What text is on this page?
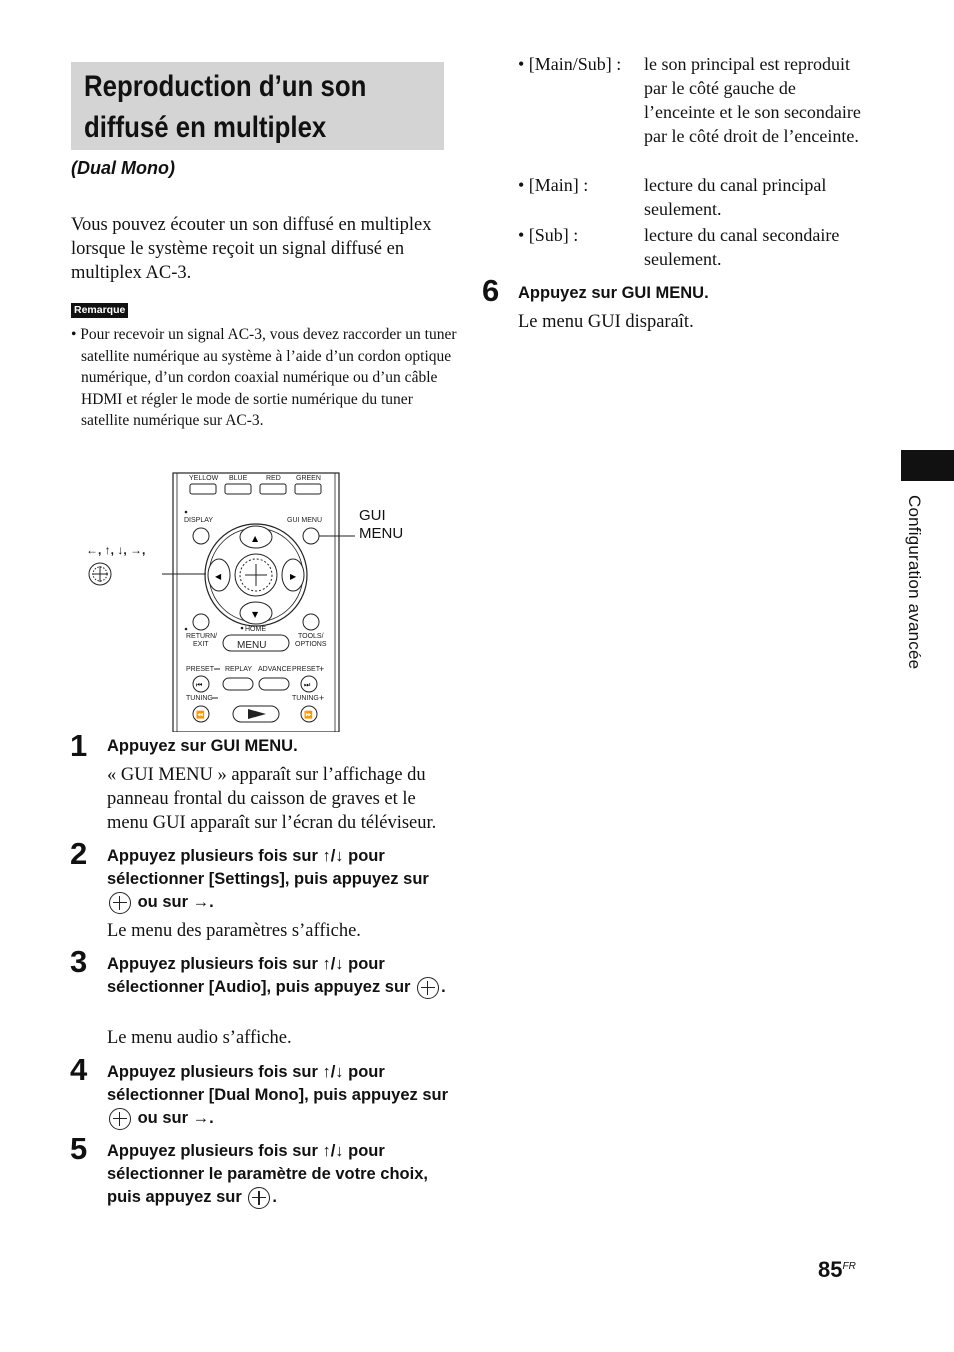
Reproduction d’un son diffusé en multiplex
(Dual Mono)
Vous pouvez écouter un son diffusé en multiplex lorsque le système reçoit un signal diffusé en multiplex AC-3.
Remarque
• Pour recevoir un signal AC-3, vous devez raccorder un tuner satellite numérique au système à l’aide d’un cordon optique numérique, d’un cordon coaxial numérique ou d’un câble HDMI et régler le mode de sortie numérique du tuner satellite numérique sur AC-3.
YELLOW BLUE	RED GREEN
DISPLAY	GUI MENU
▲
▼
◀	▶
RETURN/
EXIT
HOME
MENU
TOOLS/
OPTIONS
PRESET REPLAY ADVANCE PRESET
+
⏮	⏭
TUNING	TUNING +
⏪	⏩
←, ↑, ↓, →,
GUI
MENU
1 Appuyez sur GUI MENU.
« GUI MENU » apparaît sur l’affichage du panneau frontal du caisson de graves et le menu GUI apparaît sur l’écran du téléviseur.
2 Appuyez plusieurs fois sur ↑/↓ pour sélectionner [Settings], puis appuyez sur  ou sur →.
Le menu des paramètres s’affiche.
3 Appuyez plusieurs fois sur ↑/↓ pour sélectionner [Audio], puis appuyez sur .
Le menu audio s’affiche.
4 Appuyez plusieurs fois sur ↑/↓ pour sélectionner [Dual Mono], puis appuyez sur  ou sur →.
5 Appuyez plusieurs fois sur ↑/↓ pour sélectionner le paramètre de votre choix, puis appuyez sur .
• [Main/Sub] : le son principal est reproduit par le côté gauche de l’enceinte et le son secondaire par le côté droit de l’enceinte.
• [Main] :	lecture du canal principal seulement.
• [Sub] :	lecture du canal secondaire seulement.
6 Appuyez sur GUI MENU.
Le menu GUI disparaît.
Configuration avancée
$85^{FR}$
